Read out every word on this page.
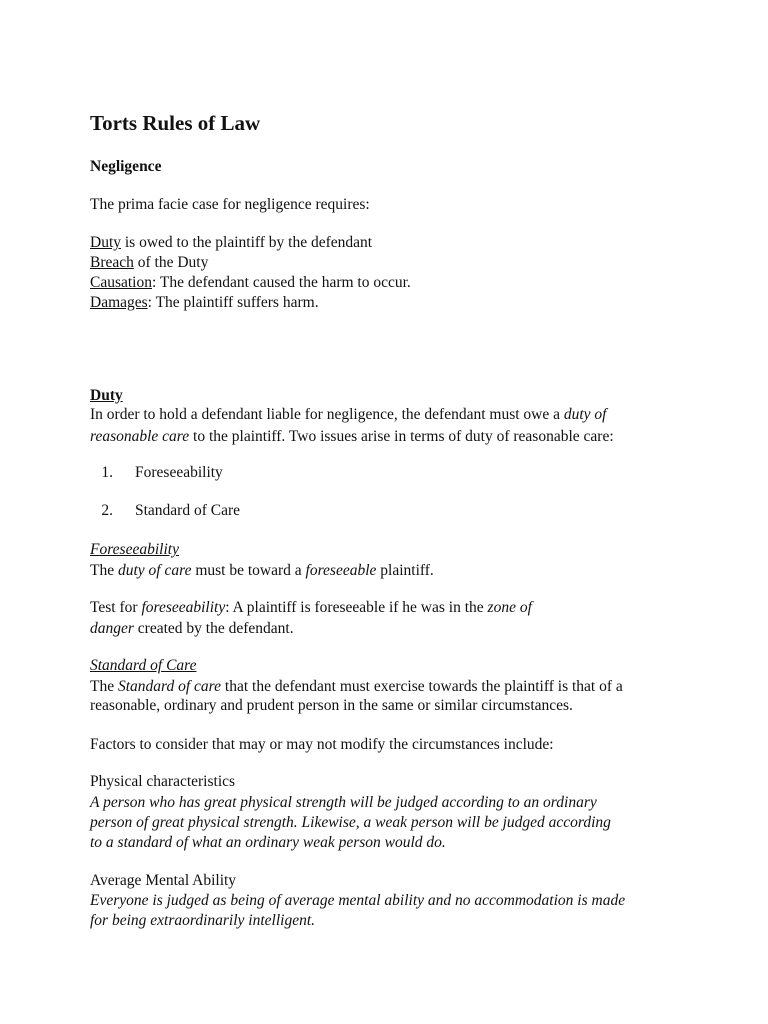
Torts Rules of Law
Negligence
The prima facie case for negligence requires:
Duty is owed to the plaintiff by the defendant
Breach of the Duty
Causation: The defendant caused the harm to occur.
Damages: The plaintiff suffers harm.
Duty
In order to hold a defendant liable for negligence, the defendant must owe a duty of
reasonable care to the plaintiff. Two issues arise in terms of duty of reasonable care:
1. Foreseeability
2. Standard of Care
Foreseeability
The duty of care must be toward a foreseeable plaintiff.
Test for foreseeability: A plaintiff is foreseeable if he was in the zone of
danger created by the defendant.
Standard of Care
The Standard of care that the defendant must exercise towards the plaintiff is that of a
reasonable, ordinary and prudent person in the same or similar circumstances.
Factors to consider that may or may not modify the circumstances include:
Physical characteristics
A person who has great physical strength will be judged according to an ordinary
person of great physical strength. Likewise, a weak person will be judged according
to a standard of what an ordinary weak person would do.
Average Mental Ability
Everyone is judged as being of average mental ability and no accommodation is made
for being extraordinarily intelligent.
